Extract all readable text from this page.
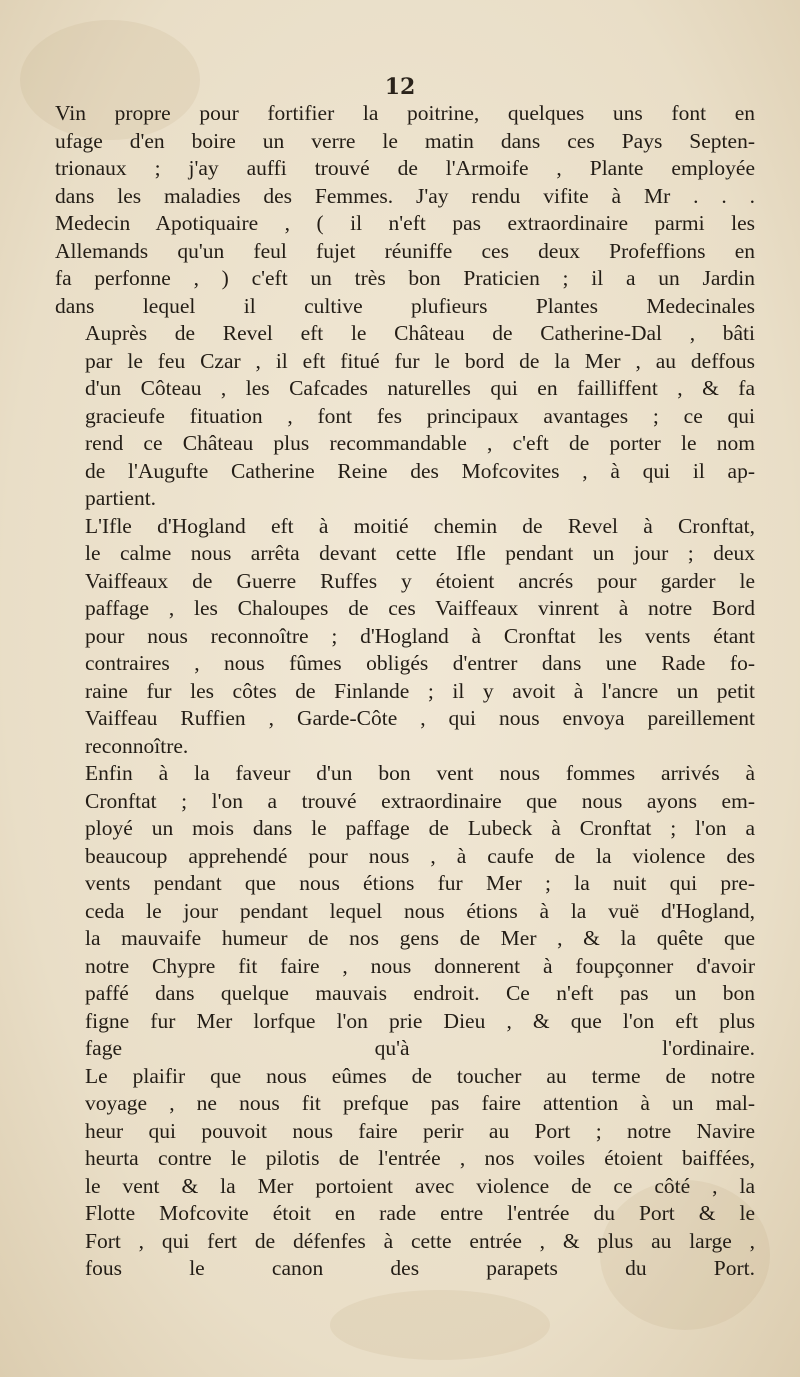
12

Vin propre pour fortifier la poitrine, quelques uns font en
ufage d'en boire un verre le matin dans ces Pays Septen-
trionaux ; j'ay auffi trouvé de l'Armoife , Plante employée
dans les maladies des Femmes. J'ay rendu vifite à Mr . . .
Medecin Apotiquaire , ( il n'eft pas extraordinaire parmi les
Allemands qu'un feul fujet réuniffe ces deux Profeffions en
fa perfonne , ) c'eft un très bon Praticien ; il a un Jardin
dans lequel il cultive plufieurs Plantes Medecinales

Auprès de Revel eft le Château de Catherine-Dal , bâti
par le feu Czar , il eft fitué fur le bord de la Mer , au deffous
d'un Côteau , les Cafcades naturelles qui en failliffent , & fa
gracieufe fituation , font fes principaux avantages ; ce qui
rend ce Château plus recommandable , c'eft de porter le nom
de l'Augufte Catherine Reine des Mofcovites , à qui il ap-
partient.

L'Ifle d'Hogland eft à moitié chemin de Revel à Cronftat,
le calme nous arrêta devant cette Ifle pendant un jour ; deux
Vaiffeaux de Guerre Ruffes y étoient ancrés pour garder le
paffage , les Chaloupes de ces Vaiffeaux vinrent à notre Bord
pour nous reconnoître ; d'Hogland à Cronftat les vents étant
contraires , nous fûmes obligés d'entrer dans une Rade fo-
raine fur les côtes de Finlande ; il y avoit à l'ancre un petit
Vaiffeau Ruffien , Garde-Côte , qui nous envoya pareillement
reconnoître.

Enfin à la faveur d'un bon vent nous fommes arrivés à
Cronftat ; l'on a trouvé extraordinaire que nous ayons em-
ployé un mois dans le paffage de Lubeck à Cronftat ; l'on a
beaucoup apprehendé pour nous , à caufe de la violence des
vents pendant que nous étions fur Mer ; la nuit qui pre-
ceda le jour pendant lequel nous étions à la vuë d'Hogland,
la mauvaife humeur de nos gens de Mer , & la quête que
notre Chypre fit faire , nous donnerent à foupçonner d'avoir
paffé dans quelque mauvais endroit. Ce n'eft pas un bon
figne fur Mer lorfque l'on prie Dieu , & que l'on eft plus
fage qu'à l'ordinaire.

Le plaifir que nous eûmes de toucher au terme de notre
voyage , ne nous fit prefque pas faire attention à un mal-
heur qui pouvoit nous faire perir au Port ; notre Navire
heurta contre le pilotis de l'entrée , nos voiles étoient baiffées,
le vent & la Mer portoient avec violence de ce côté , la
Flotte Mofcovite étoit en rade entre l'entrée du Port & le
Fort , qui fert de défenfes à cette entrée , & plus au large ,
fous le canon des parapets du Port.
